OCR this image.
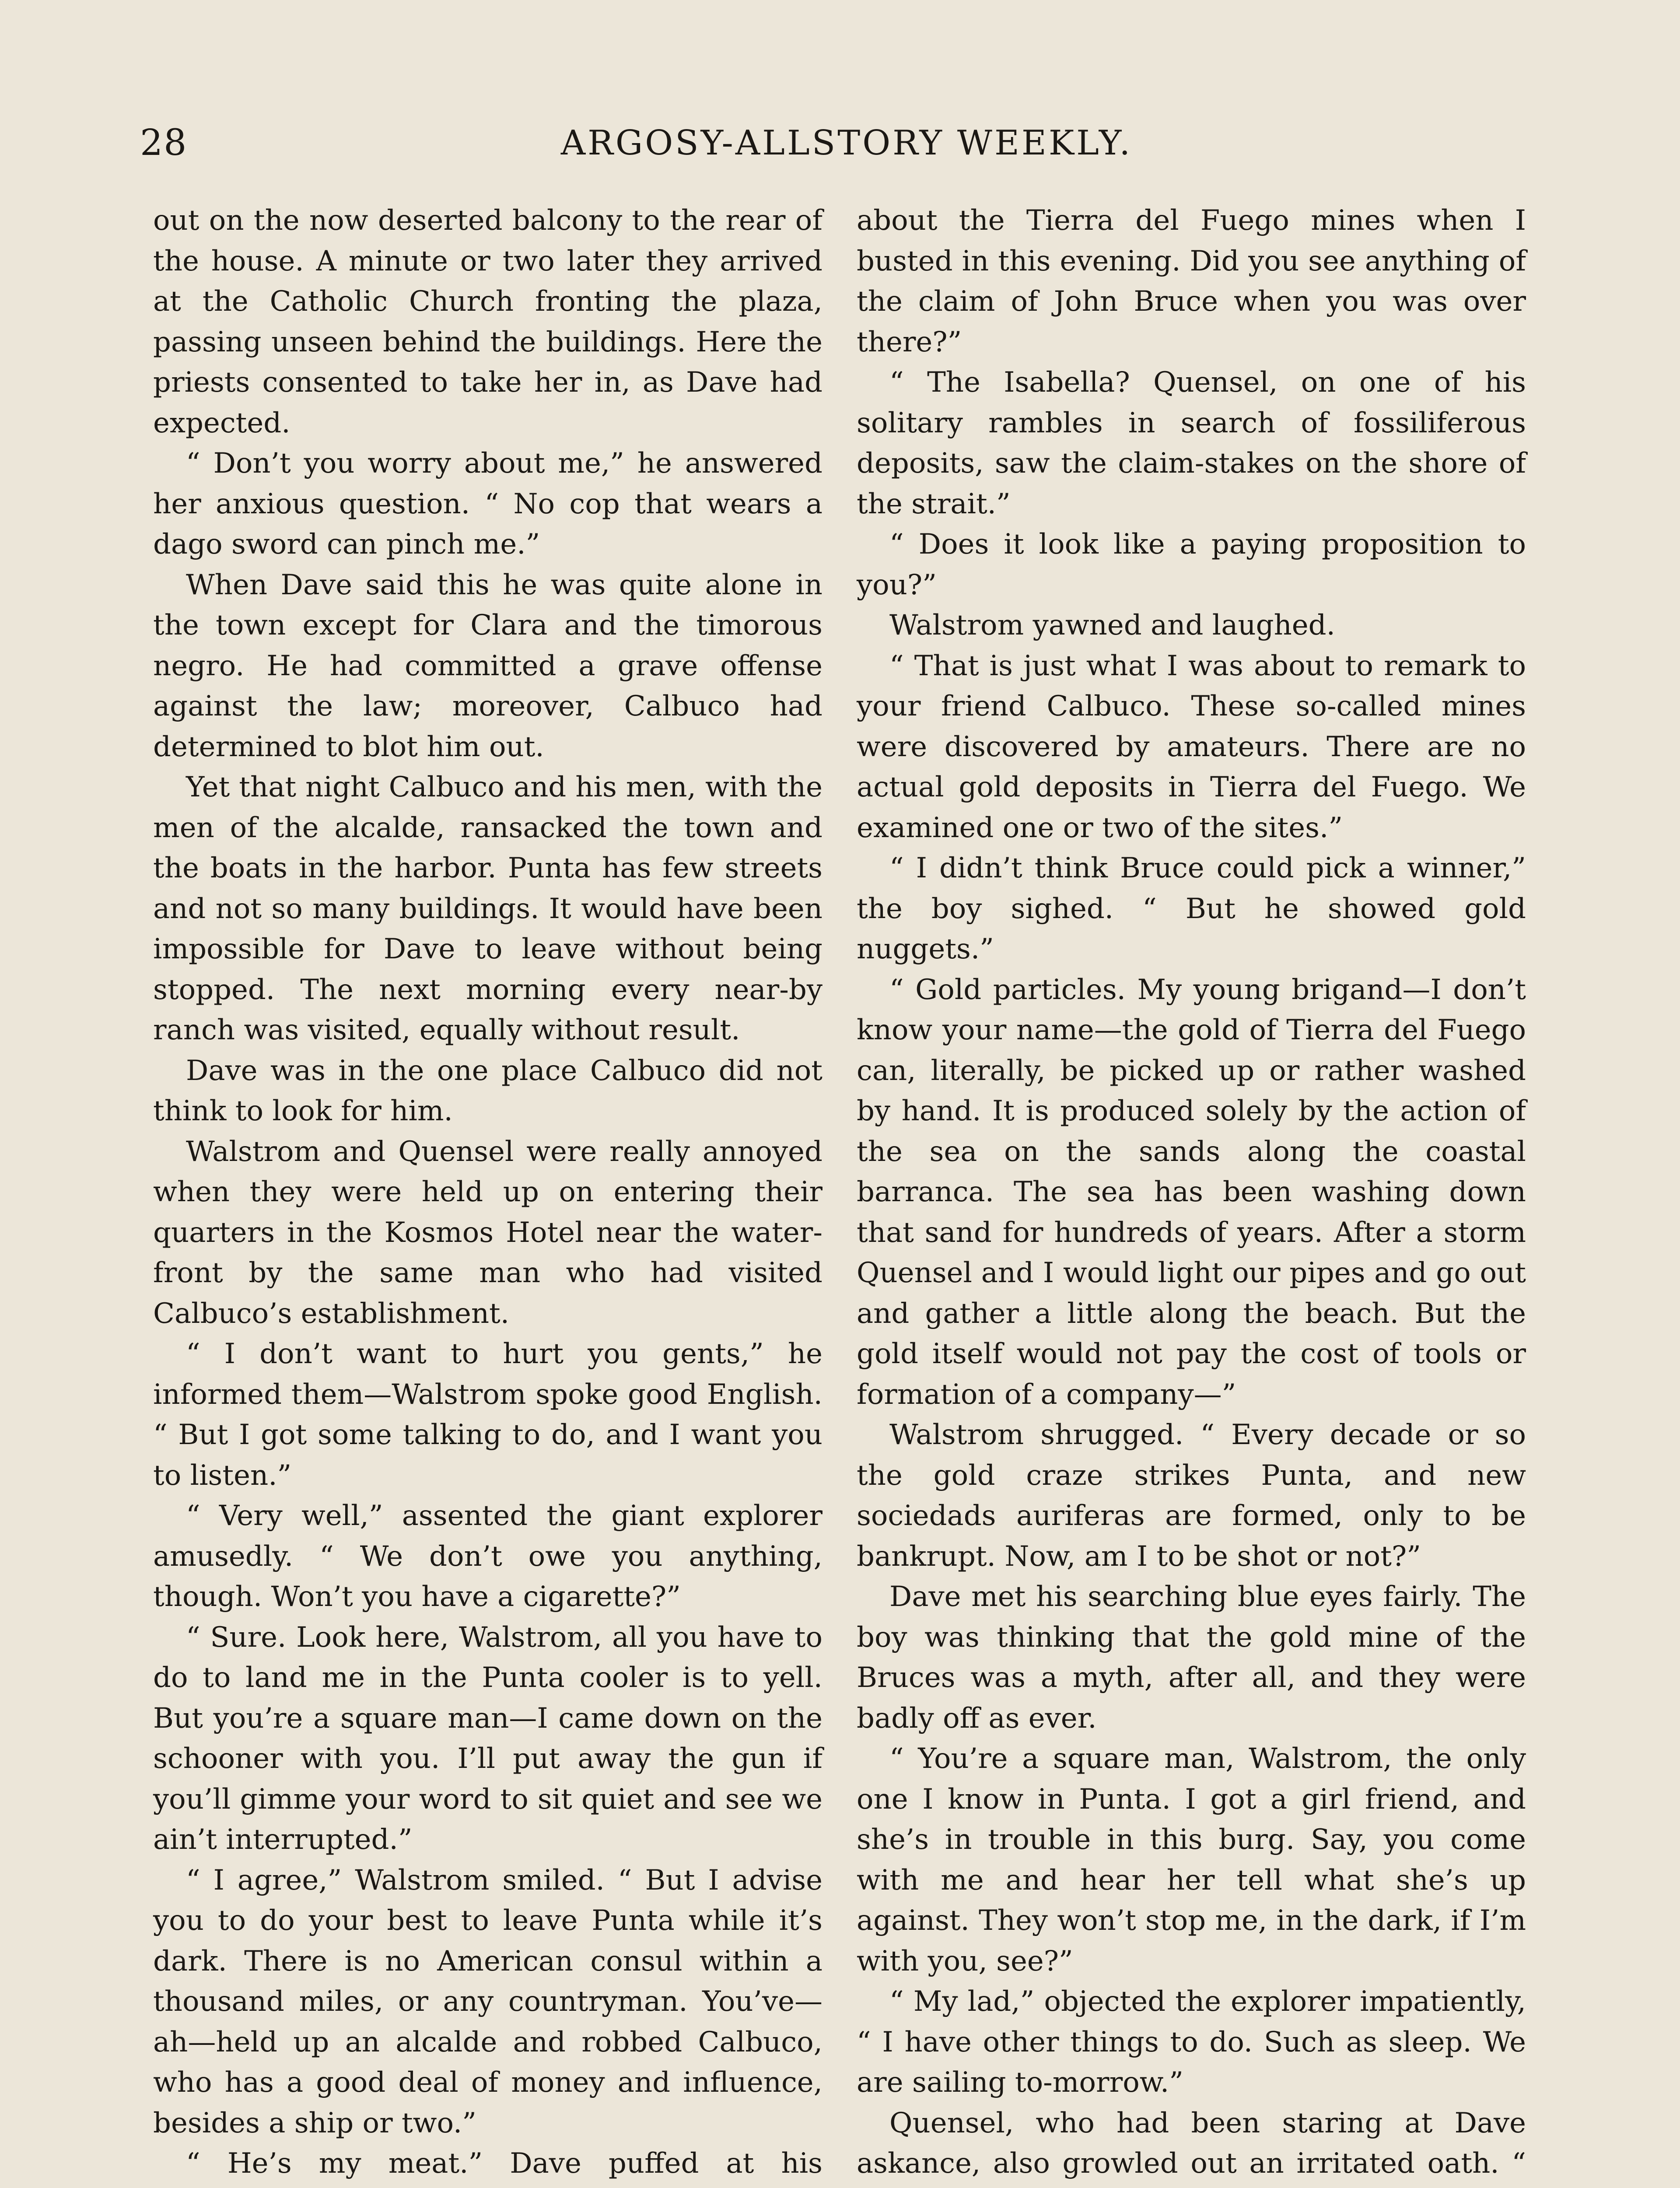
28	ARGOSY-ALLSTORY WEEKLY.

out on the now deserted balcony to the rear of the house. A minute or two later they arrived at the Catholic Church fronting the plaza, passing unseen behind the buildings. Here the priests consented to take her in, as Dave had expected.

“ Don’t you worry about me,” he answered her anxious question. “ No cop that wears a dago sword can pinch me.”

When Dave said this he was quite alone in the town except for Clara and the timorous negro. He had committed a grave offense against the law; moreover, Calbuco had determined to blot him out.

Yet that night Calbuco and his men, with the men of the alcalde, ransacked the town and the boats in the harbor. Punta has few streets and not so many buildings. It would have been impossible for Dave to leave without being stopped. The next morning every near-by ranch was visited, equally without result.

Dave was in the one place Calbuco did not think to look for him.

Walstrom and Quensel were really annoyed when they were held up on entering their quarters in the Kosmos Hotel near the water-front by the same man who had visited Calbuco’s establishment.

“ I don’t want to hurt you gents,” he informed them—Walstrom spoke good English. “ But I got some talking to do, and I want you to listen.”

“ Very well,” assented the giant explorer amusedly. “ We don’t owe you anything, though. Won’t you have a cigarette?”

“ Sure. Look here, Walstrom, all you have to do to land me in the Punta cooler is to yell. But you’re a square man—I came down on the schooner with you. I’ll put away the gun if you’ll gimme your word to sit quiet and see we ain’t interrupted.”

“ I agree,” Walstrom smiled. “ But I advise you to do your best to leave Punta while it’s dark. There is no American consul within a thousand miles, or any countryman. You’ve—ah—held up an alcalde and robbed Calbuco, who has a good deal of money and influence, besides a ship or two.”

“ He’s my meat.” Dave puffed at his

about the Tierra del Fuego mines when I busted in this evening. Did you see anything of the claim of John Bruce when you was over there?”

“ The Isabella? Quensel, on one of his solitary rambles in search of fossiliferous deposits, saw the claim-stakes on the shore of the strait.”

“ Does it look like a paying proposition to you?”

Walstrom yawned and laughed.

“ That is just what I was about to remark to your friend Calbuco. These so-called mines were discovered by amateurs. There are no actual gold deposits in Tierra del Fuego. We examined one or two of the sites.”

“ I didn’t think Bruce could pick a winner,” the boy sighed. “ But he showed gold nuggets.”

“ Gold particles. My young brigand—I don’t know your name—the gold of Tierra del Fuego can, literally, be picked up or rather washed by hand. It is produced solely by the action of the sea on the sands along the coastal barranca. The sea has been washing down that sand for hundreds of years. After a storm Quensel and I would light our pipes and go out and gather a little along the beach. But the gold itself would not pay the cost of tools or formation of a company—”

Walstrom shrugged. “ Every decade or so the gold craze strikes Punta, and new sociedads auriferas are formed, only to be bankrupt. Now, am I to be shot or not?”

Dave met his searching blue eyes fairly. The boy was thinking that the gold mine of the Bruces was a myth, after all, and they were badly off as ever.

“ You’re a square man, Walstrom, the only one I know in Punta. I got a girl friend, and she’s in trouble in this burg. Say, you come with me and hear her tell what she’s up against. They won’t stop me, in the dark, if I’m with you, see?”

“ My lad,” objected the explorer impatiently, “ I have other things to do. Such as sleep. We are sailing to-morrow.”

Quensel, who had been staring at Dave askance, also growled out an irritated oath. “
